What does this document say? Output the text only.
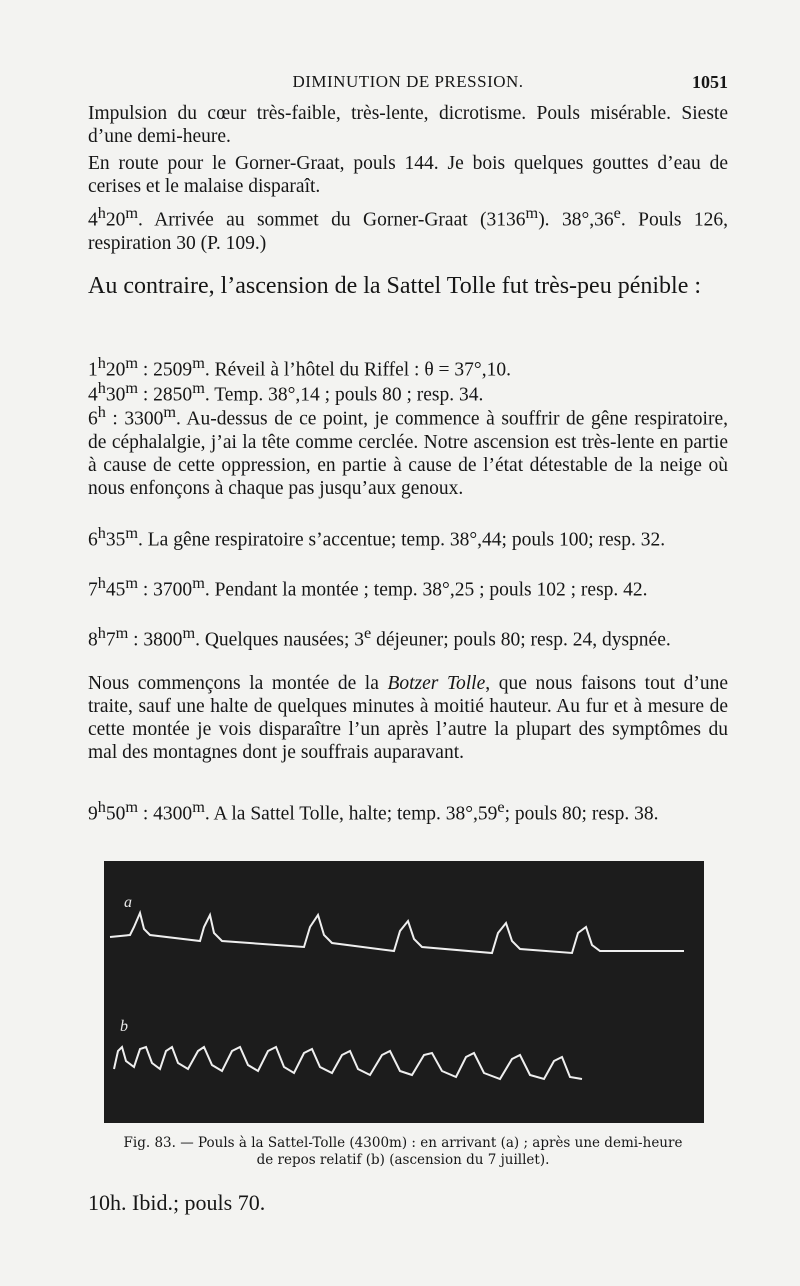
DIMINUTION DE PRESSION.	1051

Impulsion du cœur très-faible, très-lente, dicrotisme. Pouls misérable. Sieste d’une demi-heure.

En route pour le Gorner-Graat, pouls 144. Je bois quelques gouttes d’eau de cerises et le malaise disparaît.

4$^h$20$^m$. Arrivée au sommet du Gorner-Graat (3136$^m$). 38°,36e. Pouls 126, respiration 30 (P. 109.)

Au contraire, l’ascension de la Sattel Tolle fut très-peu pénible :

1$^h$20$^m$ : 2509$^m$. Réveil à l’hôtel du Riffel : θ = 37°,10.

4$^h$30$^m$ : 2850$^m$. Temp. 38°,14 ; pouls 80 ; resp. 34.

6$^h$ : 3300$^m$. Au-dessus de ce point, je commence à souffrir de gêne respiratoire, de céphalalgie, j’ai la tête comme cerclée. Notre ascension est très-lente en partie à cause de cette oppression, en partie à cause de l’état détestable de la neige où nous enfonçons à chaque pas jusqu’aux genoux.

6$^h$35$^m$. La gêne respiratoire s’accentue; temp. 38°,44; pouls 100; resp. 32.

7$^h$45$^m$ : 3700$^m$. Pendant la montée ; temp. 38°,25 ; pouls 102 ; resp. 42.

8$^h$7$^m$ : 3800$^m$. Quelques nausées; 3e déjeuner; pouls 80; resp. 24, dyspnée.

Nous commençons la montée de la Botzer Tolle, que nous faisons tout d’une traite, sauf une halte de quelques minutes à moitié hauteur. Au fur et à mesure de cette montée je vois disparaître l’un après l’autre la plupart des symptômes du mal des montagnes dont je souffrais auparavant.

9$^h$50$^m$ : 4300$^m$. A la Sattel Tolle, halte; temp. 38°,59e; pouls 80; resp. 38.

a
b
Fig. 83. — Pouls à la Sattel-Tolle (4300m) : en arrivant (a) ; après une demi-heure
de repos relatif (b) (ascension du 7 juillet).
10h. Ibid.; pouls 70.
